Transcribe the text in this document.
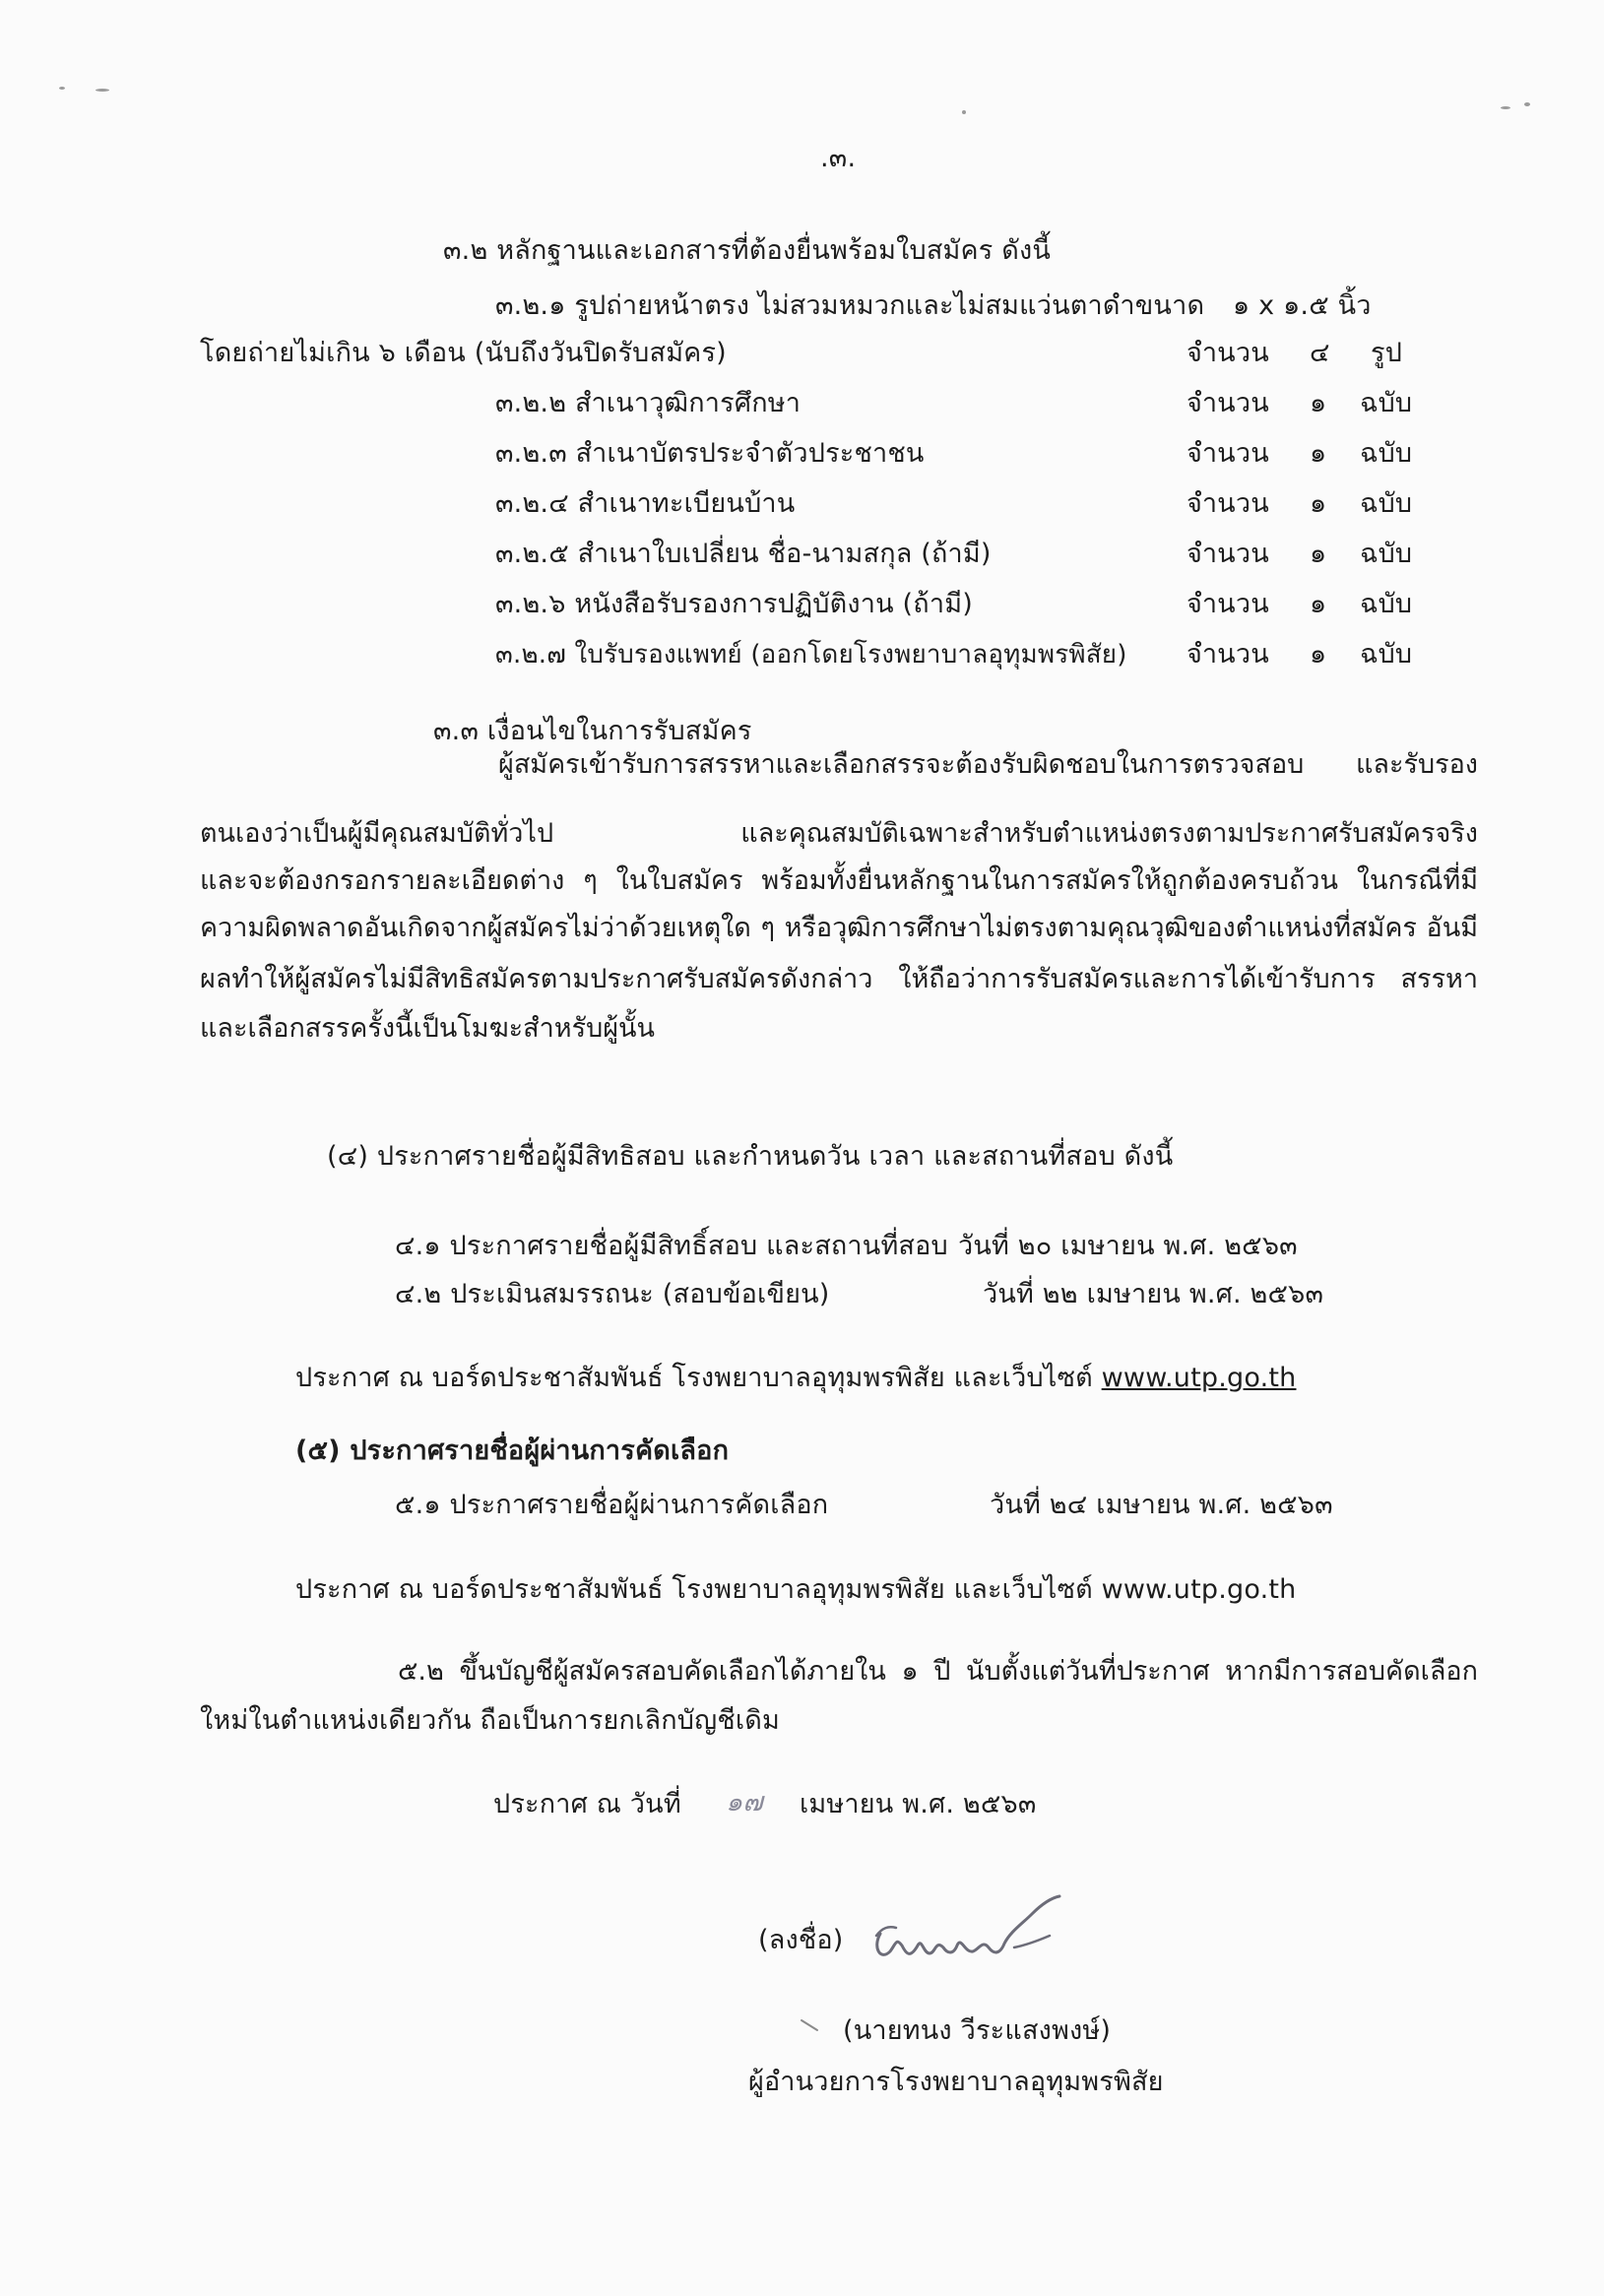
.๓.
๓.๒ หลักฐานและเอกสารที่ต้องยื่นพร้อมใบสมัคร ดังนี้
๓.๒.๑ รูปถ่ายหน้าตรง ไม่สวมหมวกและไม่สมแว่นตาดำขนาด ๑ x ๑.๕ นิ้ว
โดยถ่ายไม่เกิน ๖ เดือน (นับถึงวันปิดรับสมัคร)	จำนวน ๔ รูป
๓.๒.๒ สำเนาวุฒิการศึกษา	จำนวน ๑ ฉบับ
๓.๒.๓ สำเนาบัตรประจำตัวประชาชน	จำนวน ๑ ฉบับ
๓.๒.๔ สำเนาทะเบียนบ้าน	จำนวน ๑ ฉบับ
๓.๒.๕ สำเนาใบเปลี่ยน ชื่อ-นามสกุล (ถ้ามี)	จำนวน ๑ ฉบับ
๓.๒.๖ หนังสือรับรองการปฏิบัติงาน (ถ้ามี)	จำนวน ๑ ฉบับ
๓.๒.๗ ใบรับรองแพทย์ (ออกโดยโรงพยาบาลอุทุมพรพิสัย) จำนวน ๑ ฉบับ
๓.๓ เงื่อนไขในการรับสมัคร
ผู้สมัครเข้ารับการสรรหาและเลือกสรรจะต้องรับผิดชอบในการตรวจสอบ และรับรอง
ตนเองว่าเป็นผู้มีคุณสมบัติทั่วไป และคุณสมบัติเฉพาะสำหรับตำแหน่งตรงตามประกาศรับสมัครจริง
และจะต้องกรอกรายละเอียดต่าง ๆ ในใบสมัคร พร้อมทั้งยื่นหลักฐานในการสมัครให้ถูกต้องครบถ้วน ในกรณีที่มี
ความผิดพลาดอันเกิดจากผู้สมัครไม่ว่าด้วยเหตุใด ๆ หรือวุฒิการศึกษาไม่ตรงตามคุณวุฒิของตำแหน่งที่สมัคร อันมี
ผลทำให้ผู้สมัครไม่มีสิทธิสมัครตามประกาศรับสมัครดังกล่าว ให้ถือว่าการรับสมัครและการได้เข้ารับการ สรรหา
และเลือกสรรครั้งนี้เป็นโมฆะสำหรับผู้นั้น
(๔) ประกาศรายชื่อผู้มีสิทธิสอบ และกำหนดวัน เวลา และสถานที่สอบ ดังนี้
๔.๑ ประกาศรายชื่อผู้มีสิทธิ์สอบ และสถานที่สอบ วันที่ ๒๐ เมษายน พ.ศ. ๒๕๖๓
๔.๒ ประเมินสมรรถนะ (สอบข้อเขียน)	วันที่ ๒๒ เมษายน พ.ศ. ๒๕๖๓
ประกาศ ณ บอร์ดประชาสัมพันธ์ โรงพยาบาลอุทุมพรพิสัย และเว็บไซต์ www.utp.go.th
(๕) ประกาศรายชื่อผู้ผ่านการคัดเลือก
๕.๑ ประกาศรายชื่อผู้ผ่านการคัดเลือก	วันที่ ๒๔ เมษายน พ.ศ. ๒๕๖๓
ประกาศ ณ บอร์ดประชาสัมพันธ์ โรงพยาบาลอุทุมพรพิสัย และเว็บไซต์ www.utp.go.th
๕.๒ ขึ้นบัญชีผู้สมัครสอบคัดเลือกได้ภายใน ๑ ปี นับตั้งแต่วันที่ประกาศ หากมีการสอบคัดเลือก
ใหม่ในตำแหน่งเดียวกัน ถือเป็นการยกเลิกบัญชีเดิม
ประกาศ ณ วันที่ ๑๗ เมษายน พ.ศ. ๒๕๖๓
(ลงชื่อ)
(นายทนง วีระแสงพงษ์)
ผู้อำนวยการโรงพยาบาลอุทุมพรพิสัย
